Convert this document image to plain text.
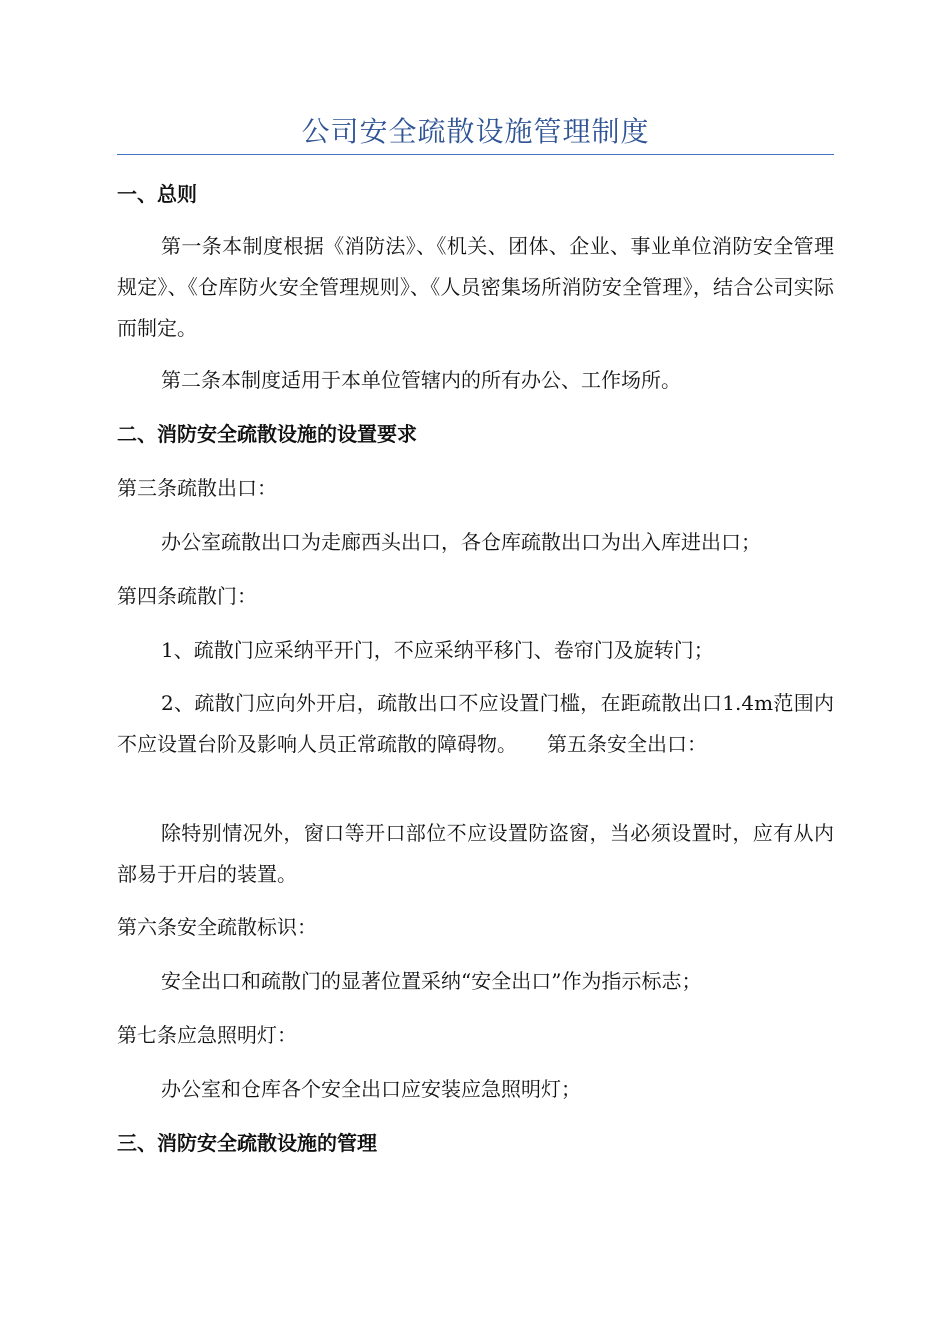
公司安全疏散设施管理制度
一、总则
第一条本制度根据《消防法》、《机关、团体、企业、事业单位消防安全管理规定》、《仓库防火安全管理规则》、《人员密集场所消防安全管理》，结合公司实际而制定。
第二条本制度适用于本单位管辖内的所有办公、工作场所。
二、消防安全疏散设施的设置要求
第三条疏散出口：
办公室疏散出口为走廊西头出口，各仓库疏散出口为出入库进出口；
第四条疏散门：
1、疏散门应采纳平开门，不应采纳平移门、卷帘门及旋转门；
2、疏散门应向外开启，疏散出口不应设置门槛，在距疏散出口1.4m范围内不应设置台阶及影响人员正常疏散的障碍物。　　第五条安全出口：
除特别情况外，窗口等开口部位不应设置防盗窗，当必须设置时，应有从内部易于开启的装置。
第六条安全疏散标识：
安全出口和疏散门的显著位置采纳“安全出口”作为指示标志；
第七条应急照明灯：
办公室和仓库各个安全出口应安装应急照明灯；
三、消防安全疏散设施的管理
